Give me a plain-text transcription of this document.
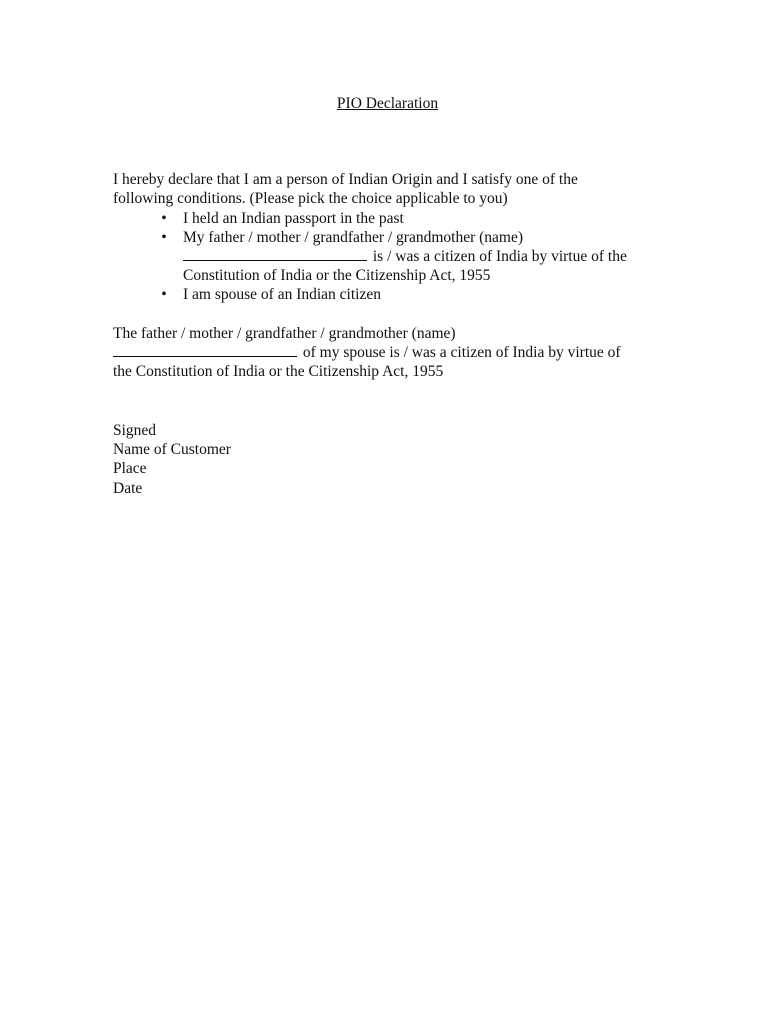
PIO Declaration
I hereby declare that I am a person of Indian Origin and I satisfy one of the
following conditions. (Please pick the choice applicable to you)
• I held an Indian passport in the past
• My father / mother / grandfather / grandmother (name)
is / was a citizen of India by virtue of the
Constitution of India or the Citizenship Act, 1955
• I am spouse of an Indian citizen
The father / mother / grandfather / grandmother (name)
of my spouse is / was a citizen of India by virtue of
the Constitution of India or the Citizenship Act, 1955
Signed
Name of Customer
Place
Date
